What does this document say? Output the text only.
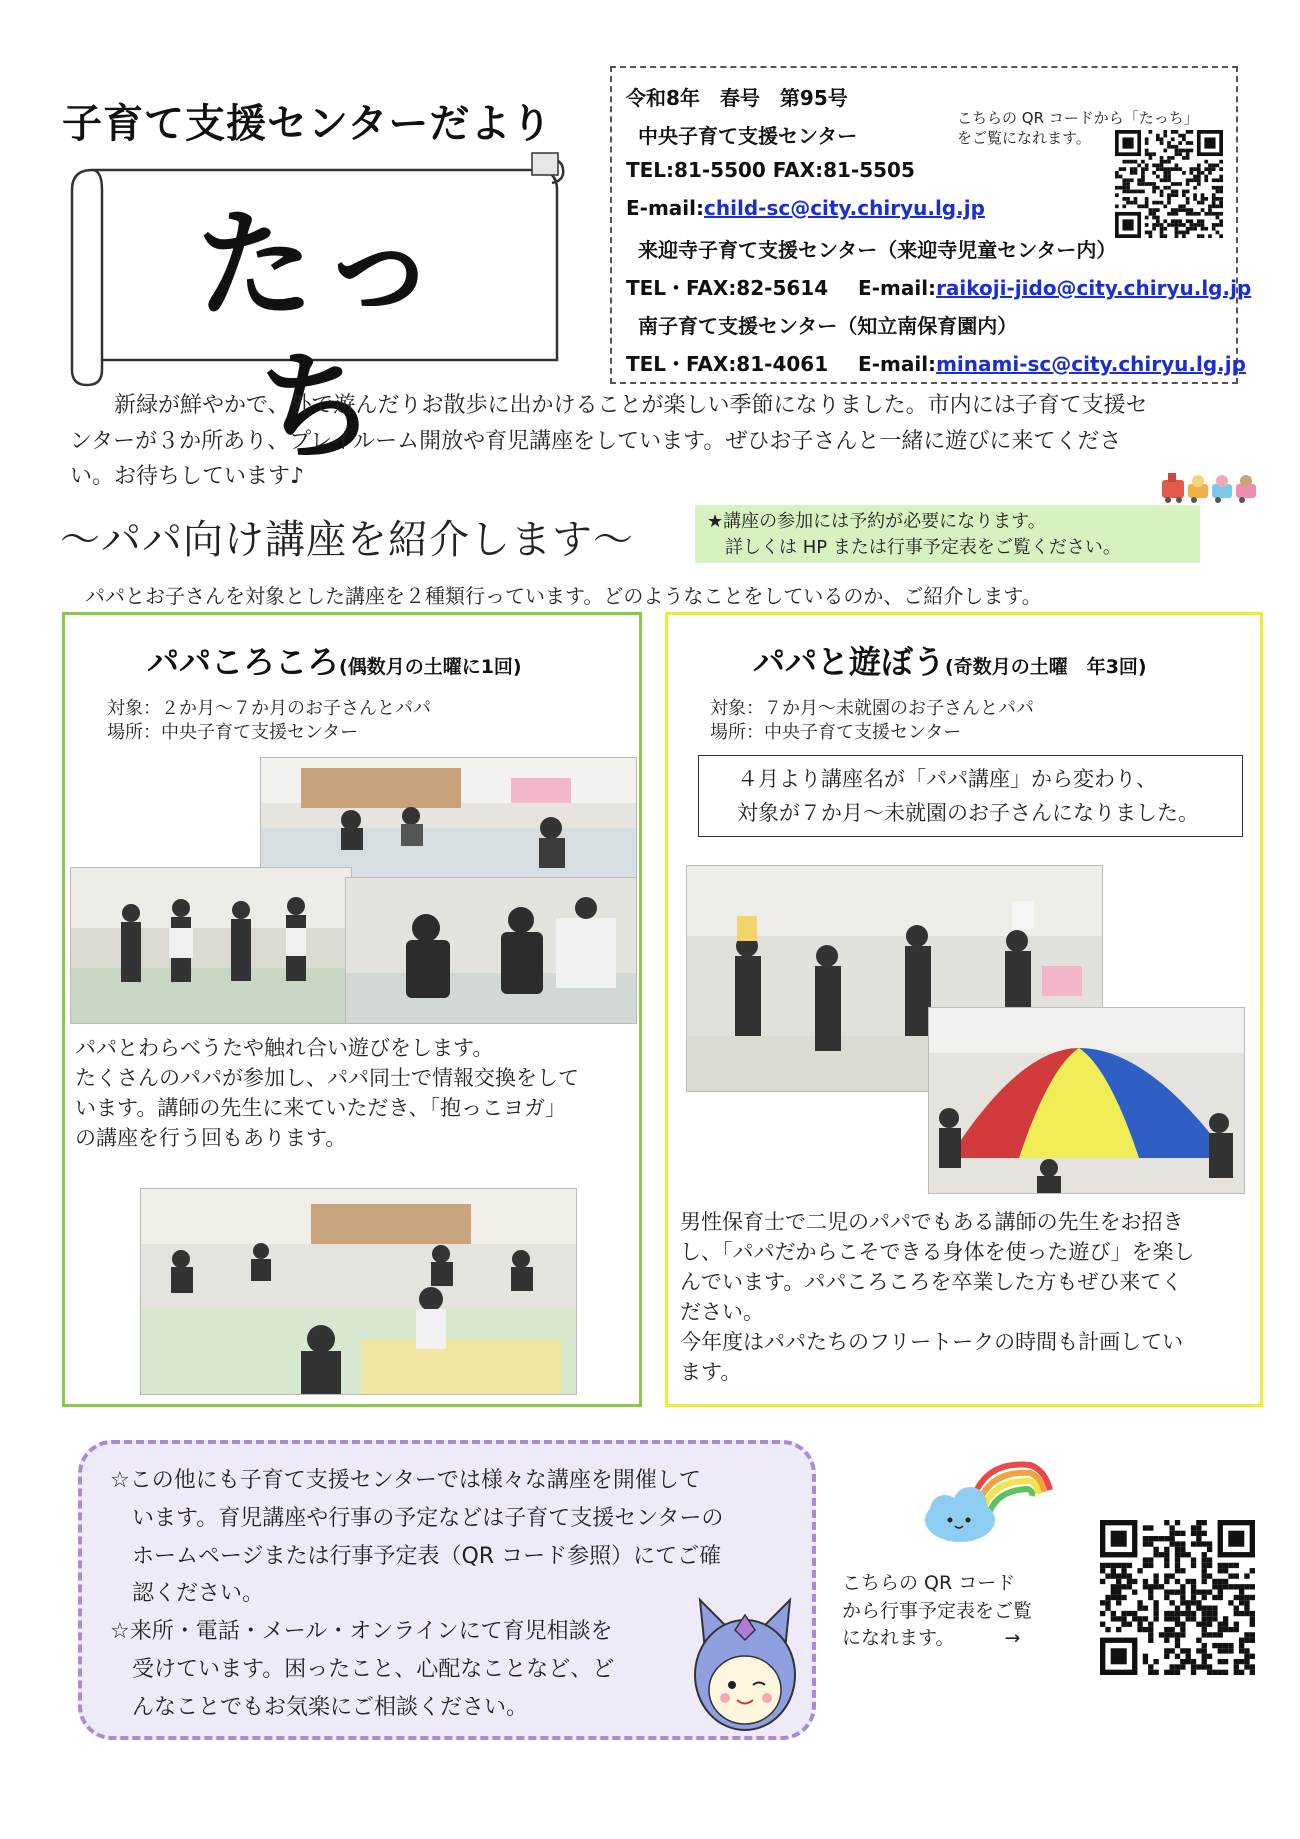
子育て支援センターだより
たっち
令和8年　春号　第95号
中央子育て支援センター
TEL:81-5500 FAX:81-5505
E-mail:child-sc@city.chiryu.lg.jp
来迎寺子育て支援センター（来迎寺児童センター内）
TEL・FAX:82-5614 E-mail:raikoji-jido@city.chiryu.lg.jp
南子育て支援センター（知立南保育園内）
TEL・FAX:81-4061 E-mail:minami-sc@city.chiryu.lg.jp
こちらの QR コードから「たっち」
をご覧になれます。
新緑が鮮やかで、外で遊んだりお散歩に出かけることが楽しい季節になりました。市内には子育て支援セ
ンターが３か所あり、プレイルーム開放や育児講座をしています。ぜひお子さんと一緒に遊びに来てくださ
い。お待ちしています♪
～パパ向け講座を紹介します～	★講座の参加には予約が必要になります。
詳しくは HP または行事予定表をご覧ください。
パパとお子さんを対象とした講座を２種類行っています。どのようなことをしているのか、ご紹介します。
パパころころ(偶数月の土曜に1回)
対象：２か月～７か月のお子さんとパパ
場所：中央子育て支援センター
パパとわらべうたや触れ合い遊びをします。
たくさんのパパが参加し、パパ同士で情報交換をして
います。講師の先生に来ていただき、「抱っこヨガ」
の講座を行う回もあります。
パパと遊ぼう(奇数月の土曜　年3回)
対象：７か月～未就園のお子さんとパパ
場所：中央子育て支援センター
４月より講座名が「パパ講座」から変わり、
対象が７か月～未就園のお子さんになりました。
男性保育士で二児のパパでもある講師の先生をお招き
し、「パパだからこそできる身体を使った遊び」を楽し
んでいます。パパころころを卒業した方もぜひ来てく
ださい。
今年度はパパたちのフリートークの時間も計画してい
ます。
☆この他にも子育て支援センターでは様々な講座を開催して
います。育児講座や行事の予定などは子育て支援センターの
ホームページまたは行事予定表（QR コード参照）にてご確
認ください。
☆来所・電話・メール・オンラインにて育児相談を
受けています。困ったこと、心配なことなど、ど
んなことでもお気楽にご相談ください。
こちらの QR コード
から行事予定表をご覧
になれます。	→
